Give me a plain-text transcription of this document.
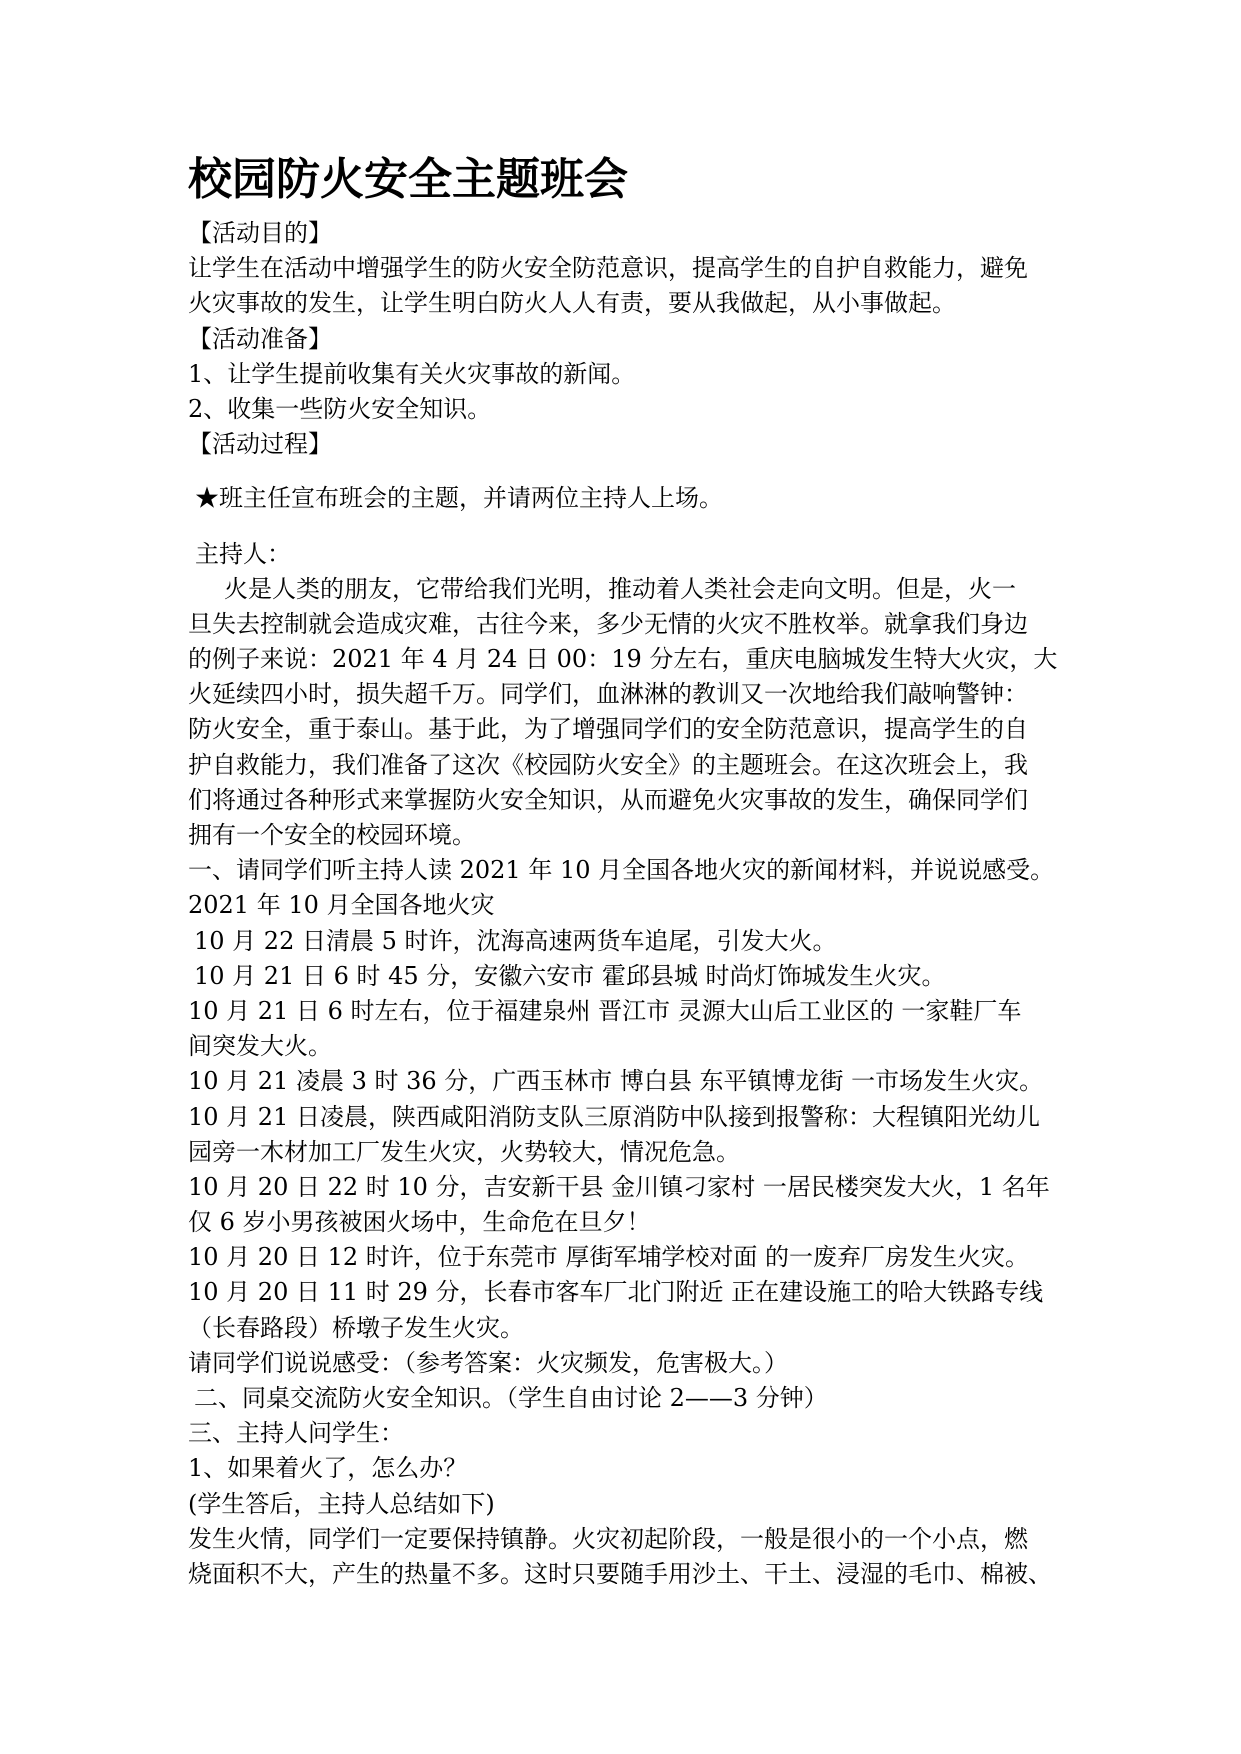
校园防火安全主题班会
【活动目的】
让学生在活动中增强学生的防火安全防范意识，提高学生的自护自救能力，避免
火灾事故的发生，让学生明白防火人人有责，要从我做起，从小事做起。
【活动准备】
1、让学生提前收集有关火灾事故的新闻。
2、收集一些防火安全知识。
【活动过程】
★班主任宣布班会的主题，并请两位主持人上场。
主持人：
火是人类的朋友，它带给我们光明，推动着人类社会走向文明。但是，火一
旦失去控制就会造成灾难，古往今来，多少无情的火灾不胜枚举。就拿我们身边
的例子来说：2021 年 4 月 24 日 00：19 分左右，重庆电脑城发生特大火灾，大
火延续四小时，损失超千万。同学们，血淋淋的教训又一次地给我们敲响警钟：
防火安全，重于泰山。基于此，为了增强同学们的安全防范意识，提高学生的自
护自救能力，我们准备了这次《校园防火安全》的主题班会。在这次班会上，我
们将通过各种形式来掌握防火安全知识，从而避免火灾事故的发生，确保同学们
拥有一个安全的校园环境。
一、请同学们听主持人读 2021 年 10 月全国各地火灾的新闻材料，并说说感受。
2021 年 10 月全国各地火灾
10 月 22 日清晨 5 时许，沈海高速两货车追尾，引发大火。
10 月 21 日 6 时 45 分，安徽六安市 霍邱县城 时尚灯饰城发生火灾。
10 月 21 日 6 时左右，位于福建泉州 晋江市 灵源大山后工业区的 一家鞋厂车
间突发大火。
10 月 21 凌晨 3 时 36 分，广西玉林市 博白县 东平镇博龙街 一市场发生火灾。
10 月 21 日凌晨，陕西咸阳消防支队三原消防中队接到报警称：大程镇阳光幼儿
园旁一木材加工厂发生火灾，火势较大，情况危急。
10 月 20 日 22 时 10 分，吉安新干县 金川镇刁家村 一居民楼突发大火，1 名年
仅 6 岁小男孩被困火场中，生命危在旦夕！
10 月 20 日 12 时许，位于东莞市 厚街军埔学校对面 的一废弃厂房发生火灾。
10 月 20 日 11 时 29 分，长春市客车厂北门附近 正在建设施工的哈大铁路专线
（长春路段）桥墩子发生火灾。
请同学们说说感受：（参考答案：火灾频发，危害极大。）
二、同桌交流防火安全知识。（学生自由讨论 2——3 分钟）
三、主持人问学生：
1、如果着火了，怎么办？
(学生答后，主持人总结如下)
发生火情，同学们一定要保持镇静。火灾初起阶段，一般是很小的一个小点，燃
烧面积不大，产生的热量不多。这时只要随手用沙土、干土、浸湿的毛巾、棉被、
